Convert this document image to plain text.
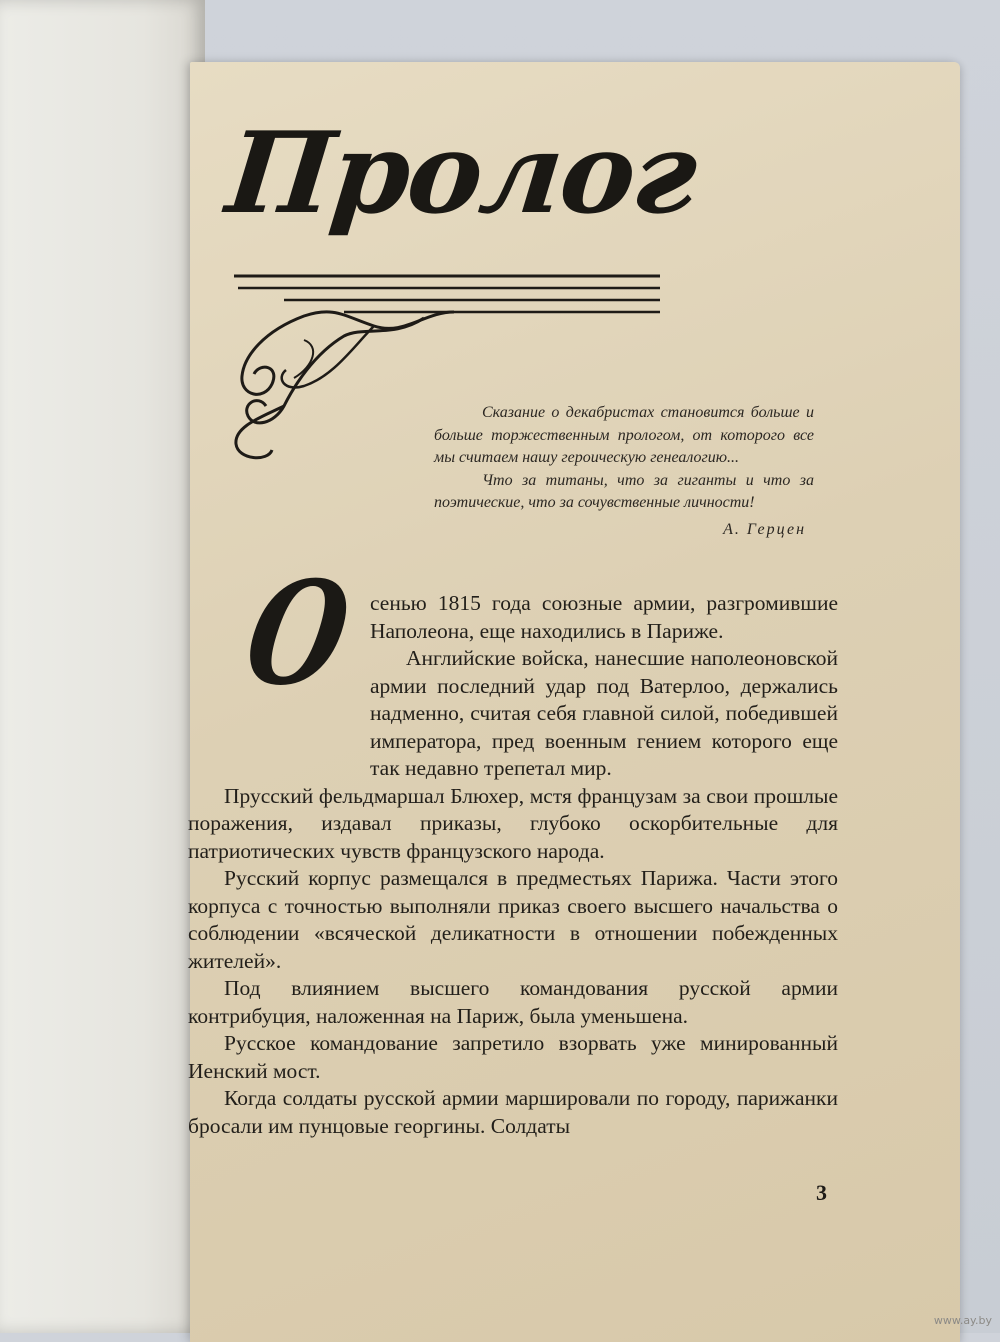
Пролог

Сказание о декабристах становится больше и больше торжественным прологом, от которого все мы считаем нашу героическую генеалогию...

Что за титаны, что за гиганты и что за поэтические, что за сочувственные личности!

А. Герцен

О сенью 1815 года союзные армии, разгромившие Наполеона, еще находились в Париже.

Английские войска, нанесшие наполеоновской армии последний удар под Ватерлоо, держались надменно, считая себя главной силой, победившей императора, пред военным гением которого еще так недавно трепетал мир.

Прусский фельдмаршал Блюхер, мстя французам за свои прошлые поражения, издавал приказы, глубоко оскорбительные для патриотических чувств французского народа.

Русский корпус размещался в предместьях Парижа. Части этого корпуса с точностью выполняли приказ своего высшего начальства о соблюдении «всяческой деликатности в отношении побежденных жителей».

Под влиянием высшего командования русской армии контрибуция, наложенная на Париж, была уменьшена.

Русское командование запретило взорвать уже минированный Иенский мост.

Когда солдаты русской армии маршировали по городу, парижанки бросали им пунцовые георгины. Солдаты

3
www.ay.by
